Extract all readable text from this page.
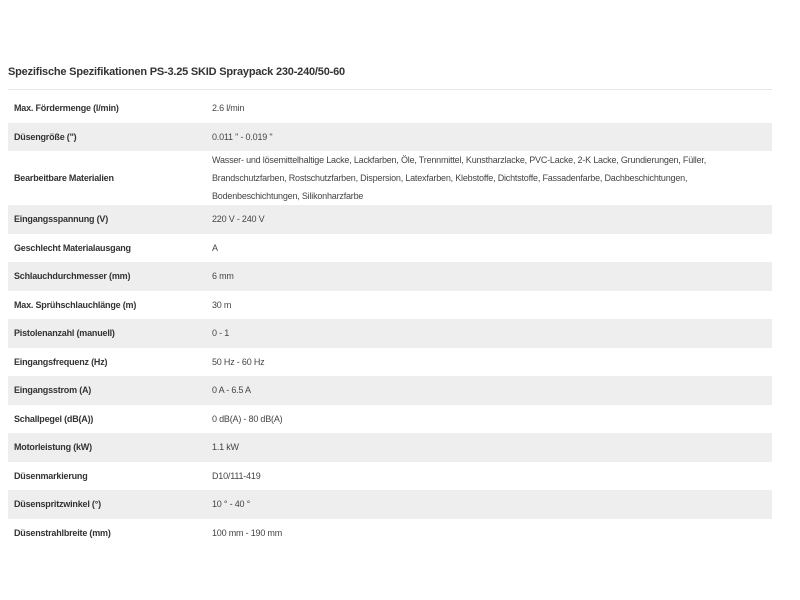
Spezifische Spezifikationen PS-3.25 SKID Spraypack 230-240/50-60
Max. Fördermenge (l/min)	2.6 l/min
Düsengröße (")	0.011 " - 0.019 "
Bearbeitbare Materialien	Wasser- und lösemittelhaltige Lacke, Lackfarben, Öle, Trennmittel, Kunstharzlacke, PVC-Lacke, 2-K Lacke, Grundierungen, Füller, Brandschutzfarben, Rostschutzfarben, Dispersion, Latexfarben, Klebstoffe, Dichtstoffe, Fassadenfarbe, Dachbeschichtungen, Bodenbeschichtungen, Silikonharzfarbe
Eingangsspannung (V)	220 V - 240 V
Geschlecht Materialausgang	A
Schlauchdurchmesser (mm)	6 mm
Max. Sprühschlauchlänge (m)	30 m
Pistolenanzahl (manuell)	0 - 1
Eingangsfrequenz (Hz)	50 Hz - 60 Hz
Eingangsstrom (A)	0 A - 6.5 A
Schallpegel (dB(A))	0 dB(A) - 80 dB(A)
Motorleistung (kW)	1.1 kW
Düsenmarkierung	D10/111-419
Düsenspritzwinkel (°)	10 ° - 40 °
Düsenstrahlbreite (mm)	100 mm - 190 mm
